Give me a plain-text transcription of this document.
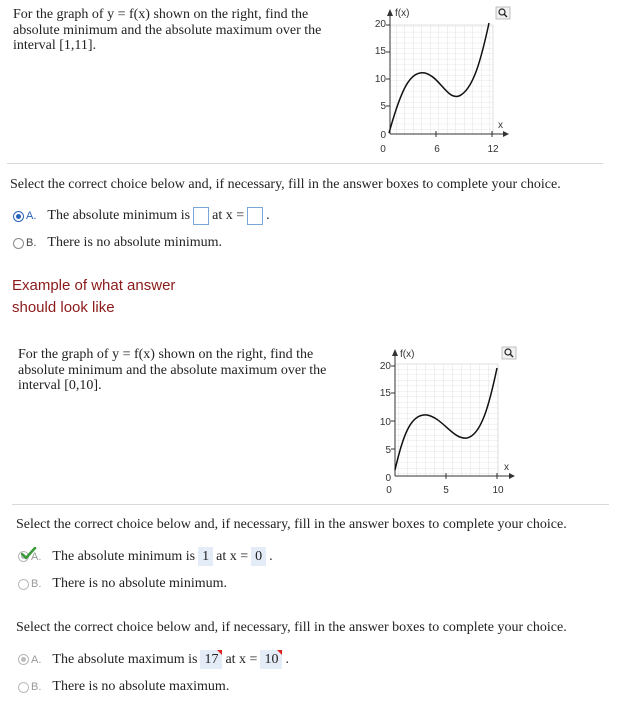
For the graph of y = f(x) shown on the right, find the absolute minimum and the absolute maximum over the interval [1,11].
f(x)
x
20
15
10
5
0
0	6	12
Select the correct choice below and, if necessary, fill in the answer boxes to complete your choice.
A. The absolute minimum is at x = .
B. There is no absolute minimum.
Example of what answer
should look like
For the graph of y = f(x) shown on the right, find the absolute minimum and the absolute maximum over the interval [0,10].
f(x)
x
20
15
10
5
0
0	5	10
Select the correct choice below and, if necessary, fill in the answer boxes to complete your choice.
A. The absolute minimum is 1 at x = 0 .
B. There is no absolute minimum.
Select the correct choice below and, if necessary, fill in the answer boxes to complete your choice.
A. The absolute maximum is 17 at x = 10 .
B. There is no absolute maximum.
